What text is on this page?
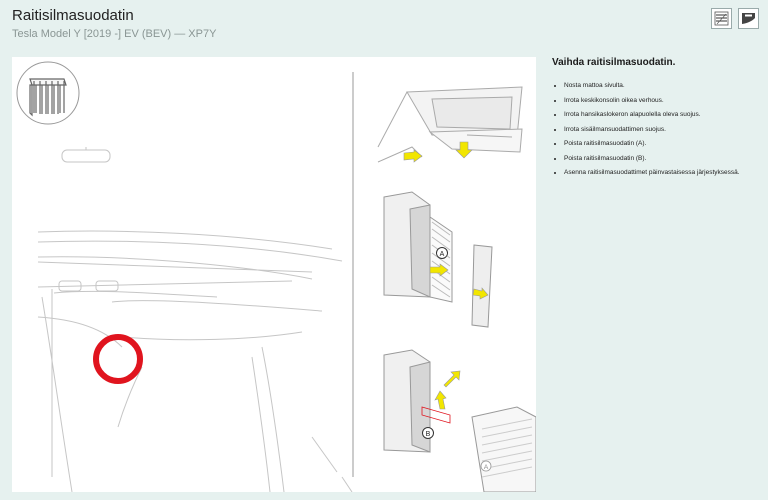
Raitisilmasuodatin
Tesla Model Y [2019 -] EV (BEV) — XP7Y
A
B
A
Vaihda raitisilmasuodatin.
• Nosta mattoa sivulta.
• Irrota keskikonsolin oikea verhous.
• Irrota hansikaslokeron alapuolella oleva suojus.
• Irrota sisäilmansuodattimen suojus.
• Poista raitisilmasuodatin (A).
• Poista raitisilmasuodatin (B).
• Asenna raitisilmasuodattimet päinvastaisessa järjestyksessä.
